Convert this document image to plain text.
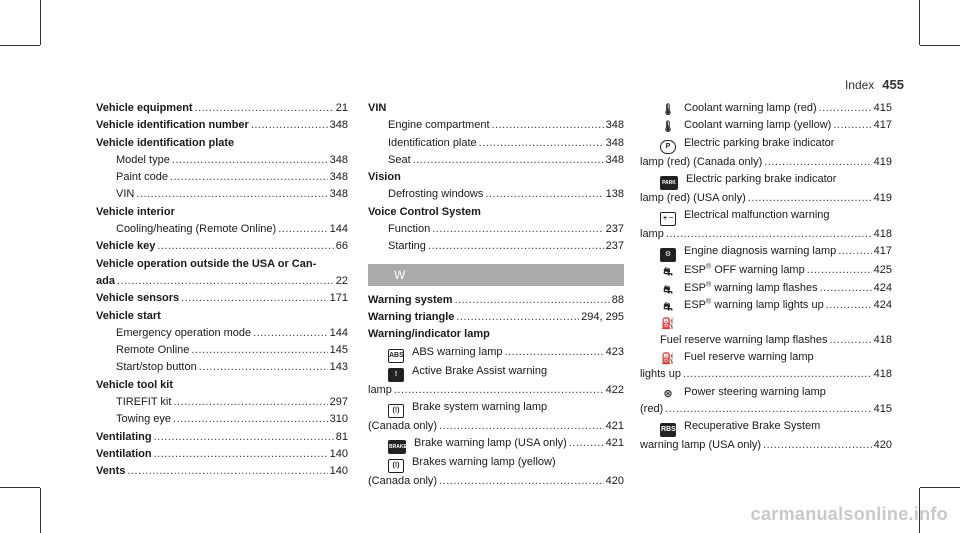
Index 455
Vehicle equipment .....	21
Vehicle identification number .....	348
Vehicle identification plate
Model type .....	348
Paint code .....	348
VIN .....	348
Vehicle interior
Cooling/heating (Remote Online) .....	144
Vehicle key .....	66
Vehicle operation outside the USA or Can-
ada .....	22
Vehicle sensors .....	171
Vehicle start
Emergency operation mode .....	144
Remote Online .....	145
Start/stop button .....	143
Vehicle tool kit
TIREFIT kit .....	297
Towing eye .....	310
Ventilating .....	81
Ventilation .....	140
Vents .....	140
VIN
Engine compartment .....	348
Identification plate .....	348
Seat .....	348
Vision
Defrosting windows .....	138
Voice Control System
Function .....	237
Starting .....	237
W
Warning system .....	88
Warning triangle .....	294, 295
Warning/indicator lamp
ABS ABS warning lamp .....	423
! Active Brake Assist warning
lamp .....	422
(!) Brake system warning lamp
(Canada only) .....	421
BRAKE Brake warning lamp (USA only) .....	421
(!) Brakes warning lamp (yellow)
(Canada only) .....	420
🌡 Coolant warning lamp (red) .....	415
🌡 Coolant warning lamp (yellow) .....	417
P Electric parking brake indicator
lamp (red) (Canada only) .....	419
PARK Electric parking brake indicator
lamp (red) (USA only) .....	419
+ − Electrical malfunction warning
lamp .....	418
⚙ Engine diagnosis warning lamp .....	417
⛐ ESP® OFF warning lamp .....	425
⛐ ESP® warning lamp flashes .....	424
⛐ ESP® warning lamp lights up .....	424
⛽
Fuel reserve warning lamp flashes .....	418
⛽ Fuel reserve warning lamp
lights up .....	418
⊛ Power steering warning lamp
(red) .....	415
RBS Recuperative Brake System
warning lamp (USA only) .....	420
carmanualsonline.info
